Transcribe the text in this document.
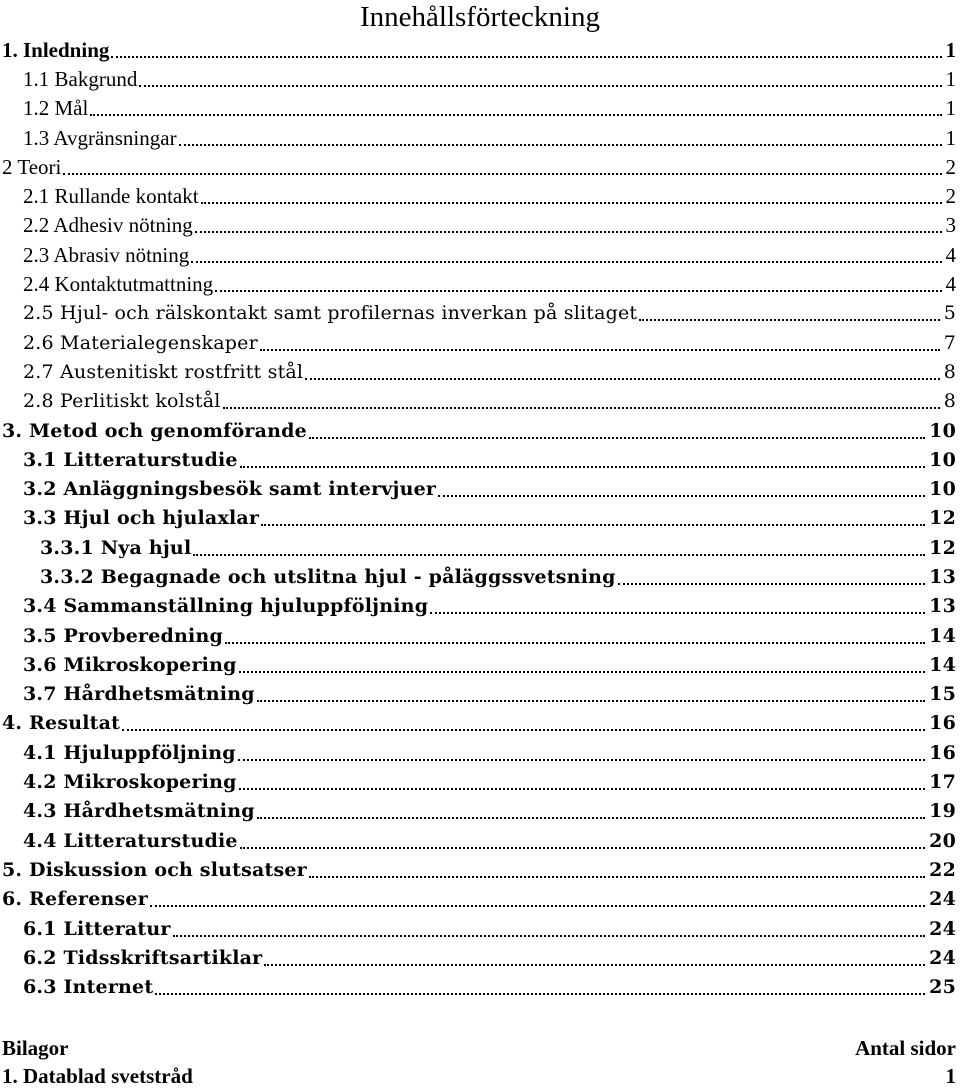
Innehållsförteckning
1. Inledning	1
1.1 Bakgrund	1
1.2 Mål	1
1.3 Avgränsningar	1
2 Teori	2
2.1 Rullande kontakt	2
2.2 Adhesiv nötning	3
2.3 Abrasiv nötning	4
2.4 Kontaktutmattning	4
2.5 Hjul- och rälskontakt samt profilernas inverkan på slitaget	5
2.6 Materialegenskaper	7
2.7 Austenitiskt rostfritt stål	8
2.8 Perlitiskt kolstål	8
3. Metod och genomförande	10
3.1 Litteraturstudie	10
3.2 Anläggningsbesök samt intervjuer	10
3.3 Hjul och hjulaxlar	12
3.3.1 Nya hjul	12
3.3.2 Begagnade och utslitna hjul - påläggssvetsning	13
3.4 Sammanställning hjuluppföljning	13
3.5 Provberedning	14
3.6 Mikroskopering	14
3.7 Hårdhetsmätning	15
4. Resultat	16
4.1 Hjuluppföljning	16
4.2 Mikroskopering	17
4.3 Hårdhetsmätning	19
4.4 Litteraturstudie	20
5. Diskussion och slutsatser	22
6. Referenser	24
6.1 Litteratur	24
6.2 Tidsskriftsartiklar	24
6.3 Internet	25
Bilagor	Antal sidor
1. Datablad svetstråd	1
